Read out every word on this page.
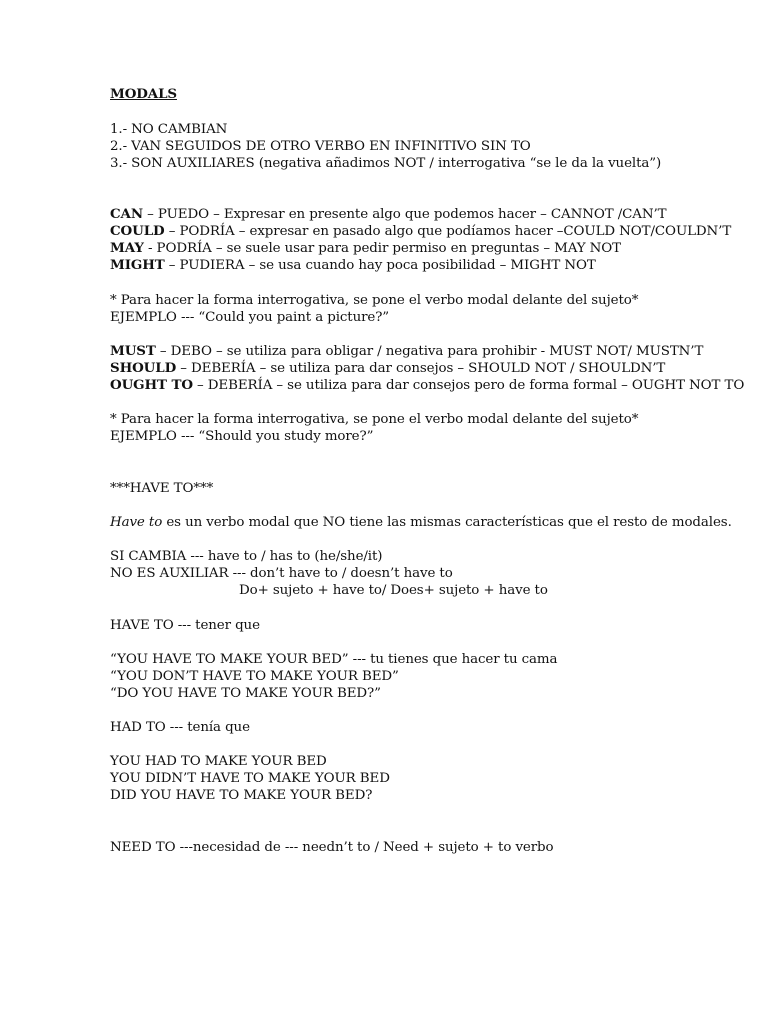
MODALS
1.- NO CAMBIAN
2.- VAN SEGUIDOS DE OTRO VERBO EN INFINITIVO SIN TO
3.- SON AUXILIARES (negativa añadimos NOT / interrogativa “se le da la vuelta”)
CAN – PUEDO – Expresar en presente algo que podemos hacer – CANNOT /CAN’T
COULD – PODRÍA – expresar en pasado algo que podíamos hacer –COULD NOT/COULDN’T
MAY - PODRÍA – se suele usar para pedir permiso en preguntas – MAY NOT
MIGHT – PUDIERA – se usa cuando hay poca posibilidad – MIGHT NOT
* Para hacer la forma interrogativa, se pone el verbo modal delante del sujeto*
EJEMPLO --- “Could you paint a picture?”
MUST – DEBO – se utiliza para obligar / negativa para prohibir - MUST NOT/ MUSTN’T
SHOULD – DEBERÍA – se utiliza para dar consejos – SHOULD NOT / SHOULDN’T
OUGHT TO – DEBERÍA – se utiliza para dar consejos pero de forma formal – OUGHT NOT TO
* Para hacer la forma interrogativa, se pone el verbo modal delante del sujeto*
EJEMPLO --- “Should you study more?”
***HAVE TO***
Have to es un verbo modal que NO tiene las mismas características que el resto de modales.
SI CAMBIA --- have to / has to (he/she/it)
NO ES AUXILIAR --- don’t have to / doesn’t have to
Do+ sujeto + have to/ Does+ sujeto + have to
HAVE TO --- tener que
“YOU HAVE TO MAKE YOUR BED” --- tu tienes que hacer tu cama
“YOU DON’T HAVE TO MAKE YOUR BED”
“DO YOU HAVE TO MAKE YOUR BED?”
HAD TO --- tenía que
YOU HAD TO MAKE YOUR BED
YOU DIDN’T HAVE TO MAKE YOUR BED
DID YOU HAVE TO MAKE YOUR BED?
NEED TO ---necesidad de --- needn’t to / Need + sujeto + to verbo
